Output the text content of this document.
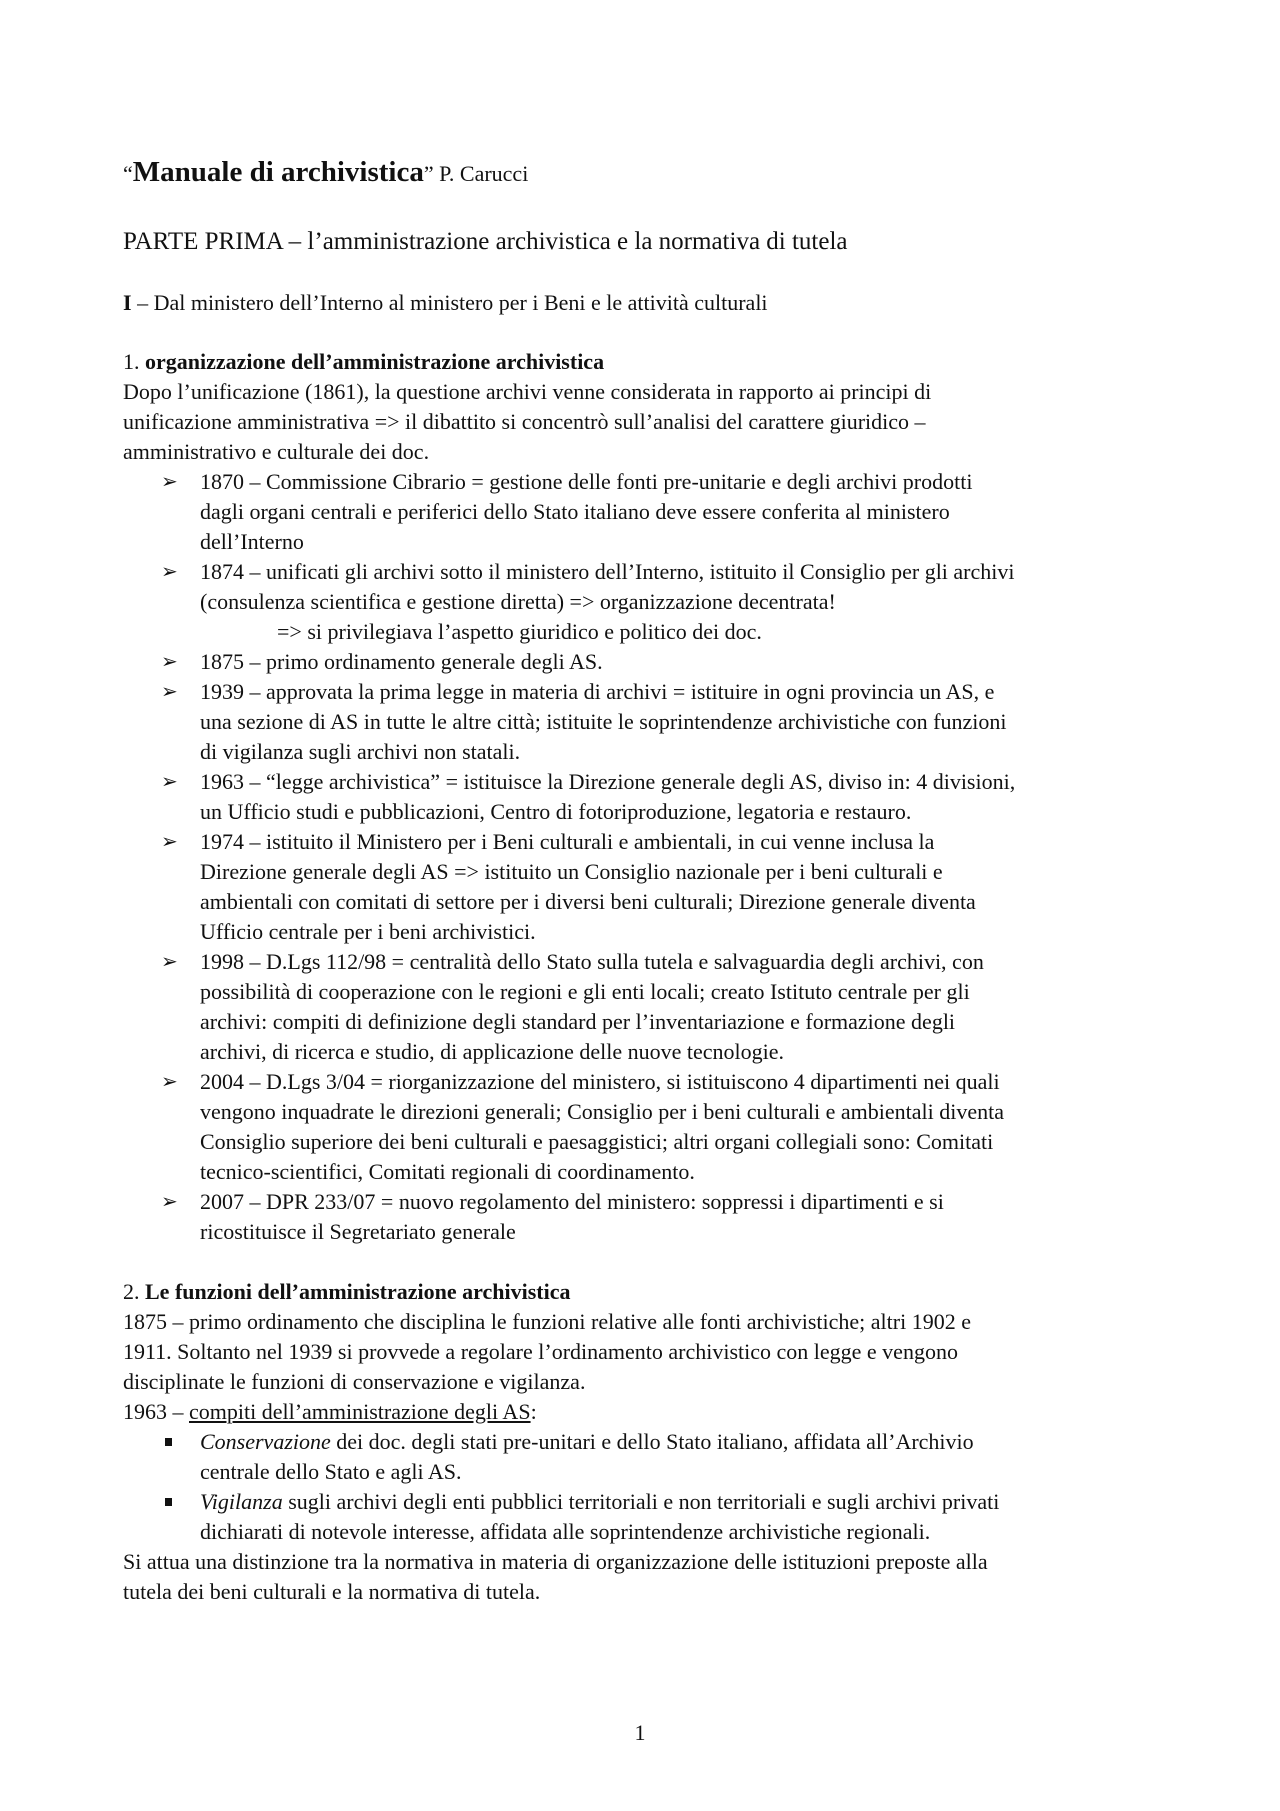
“Manuale di archivistica” P. Carucci
PARTE PRIMA – l’amministrazione archivistica e la normativa di tutela
I – Dal ministero dell’Interno al ministero per i Beni e le attività culturali
1. organizzazione dell’amministrazione archivistica
Dopo l’unificazione (1861), la questione archivi venne considerata in rapporto ai principi di
unificazione amministrativa => il dibattito si concentrò sull’analisi del carattere giuridico –
amministrativo e culturale dei doc.
1870 – Commissione Cibrario = gestione delle fonti pre-unitarie e degli archivi prodotti
➢
dagli organi centrali e periferici dello Stato italiano deve essere conferita al ministero
dell’Interno
1874 – unificati gli archivi sotto il ministero dell’Interno, istituito il Consiglio per gli archivi
➢
(consulenza scientifica e gestione diretta) => organizzazione decentrata!
=> si privilegiava l’aspetto giuridico e politico dei doc.
1875 – primo ordinamento generale degli AS.
➢
1939 – approvata la prima legge in materia di archivi = istituire in ogni provincia un AS, e
➢
una sezione di AS in tutte le altre città; istituite le soprintendenze archivistiche con funzioni
di vigilanza sugli archivi non statali.
1963 – “legge archivistica” = istituisce la Direzione generale degli AS, diviso in: 4 divisioni,
➢
un Ufficio studi e pubblicazioni, Centro di fotoriproduzione, legatoria e restauro.
1974 – istituito il Ministero per i Beni culturali e ambientali, in cui venne inclusa la
➢
Direzione generale degli AS => istituito un Consiglio nazionale per i beni culturali e
ambientali con comitati di settore per i diversi beni culturali; Direzione generale diventa
Ufficio centrale per i beni archivistici.
1998 – D.Lgs 112/98 = centralità dello Stato sulla tutela e salvaguardia degli archivi, con
➢
possibilità di cooperazione con le regioni e gli enti locali; creato Istituto centrale per gli
archivi: compiti di definizione degli standard per l’inventariazione e formazione degli
archivi, di ricerca e studio, di applicazione delle nuove tecnologie.
2004 – D.Lgs 3/04 = riorganizzazione del ministero, si istituiscono 4 dipartimenti nei quali
➢
vengono inquadrate le direzioni generali; Consiglio per i beni culturali e ambientali diventa
Consiglio superiore dei beni culturali e paesaggistici; altri organi collegiali sono: Comitati
tecnico-scientifici, Comitati regionali di coordinamento.
2007 – DPR 233/07 = nuovo regolamento del ministero: soppressi i dipartimenti e si
➢
ricostituisce il Segretariato generale
2. Le funzioni dell’amministrazione archivistica
1875 – primo ordinamento che disciplina le funzioni relative alle fonti archivistiche; altri 1902 e
1911. Soltanto nel 1939 si provvede a regolare l’ordinamento archivistico con legge e vengono
disciplinate le funzioni di conservazione e vigilanza.
1963 – compiti dell’amministrazione degli AS:
Conservazione dei doc. degli stati pre-unitari e dello Stato italiano, affidata all’Archivio
centrale dello Stato e agli AS.
Vigilanza sugli archivi degli enti pubblici territoriali e non territoriali e sugli archivi privati
dichiarati di notevole interesse, affidata alle soprintendenze archivistiche regionali.
Si attua una distinzione tra la normativa in materia di organizzazione delle istituzioni preposte alla
tutela dei beni culturali e la normativa di tutela.
1
